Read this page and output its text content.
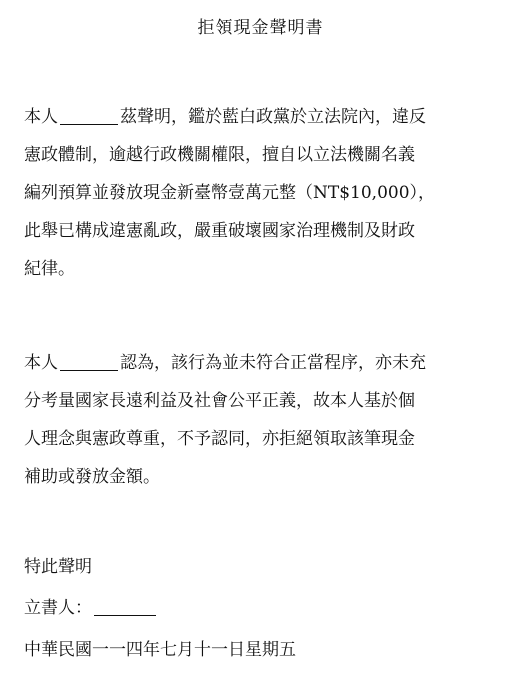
拒領現金聲明書
本人	茲聲明，鑑於藍白政黨於立法院內，違反
憲政體制，逾越行政機關權限，擅自以立法機關名義
編列預算並發放現金新臺幣壹萬元整（NT$10,000），
此舉已構成違憲亂政，嚴重破壞國家治理機制及財政
紀律。
本人	認為，該行為並未符合正當程序，亦未充
分考量國家長遠利益及社會公平正義，故本人基於個
人理念與憲政尊重，不予認同，亦拒絕領取該筆現金
補助或發放金額。
特此聲明
立書人：
中華民國一一四年七月十一日星期五
